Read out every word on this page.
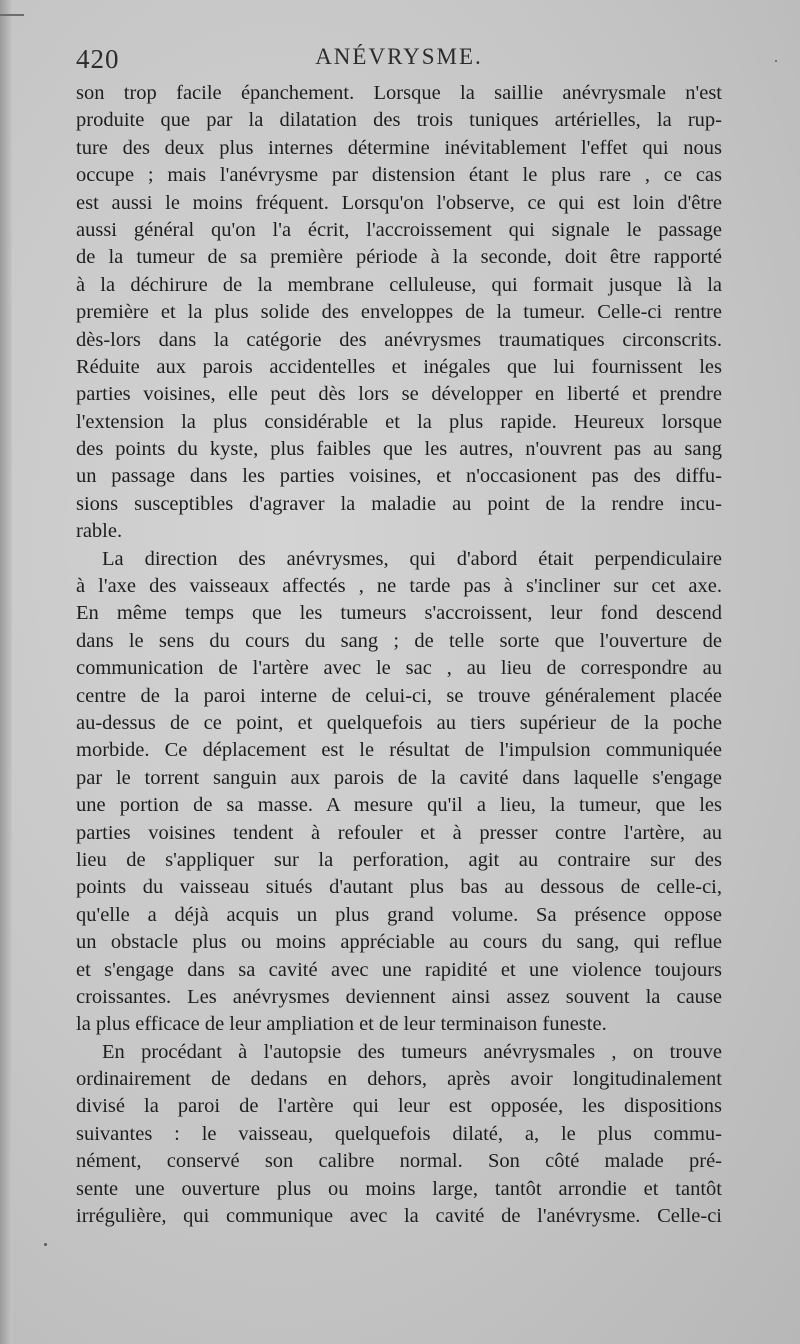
420	ANÉVRYSME.
son trop facile épanchement. Lorsque la saillie anévrysmale n'est
produite que par la dilatation des trois tuniques artérielles, la rup-
ture des deux plus internes détermine inévitablement l'effet qui nous
occupe ; mais l'anévrysme par distension étant le plus rare , ce cas
est aussi le moins fréquent. Lorsqu'on l'observe, ce qui est loin d'être
aussi général qu'on l'a écrit, l'accroissement qui signale le passage
de la tumeur de sa première période à la seconde, doit être rapporté
à la déchirure de la membrane celluleuse, qui formait jusque là la
première et la plus solide des enveloppes de la tumeur. Celle-ci rentre
dès-lors dans la catégorie des anévrysmes traumatiques circonscrits.
Réduite aux parois accidentelles et inégales que lui fournissent les
parties voisines, elle peut dès lors se développer en liberté et prendre
l'extension la plus considérable et la plus rapide. Heureux lorsque
des points du kyste, plus faibles que les autres, n'ouvrent pas au sang
un passage dans les parties voisines, et n'occasionent pas des diffu-
sions susceptibles d'agraver la maladie au point de la rendre incu-
rable.
La direction des anévrysmes, qui d'abord était perpendiculaire
à l'axe des vaisseaux affectés , ne tarde pas à s'incliner sur cet axe.
En même temps que les tumeurs s'accroissent, leur fond descend
dans le sens du cours du sang ; de telle sorte que l'ouverture de
communication de l'artère avec le sac , au lieu de correspondre au
centre de la paroi interne de celui-ci, se trouve généralement placée
au-dessus de ce point, et quelquefois au tiers supérieur de la poche
morbide. Ce déplacement est le résultat de l'impulsion communiquée
par le torrent sanguin aux parois de la cavité dans laquelle s'engage
une portion de sa masse. A mesure qu'il a lieu, la tumeur, que les
parties voisines tendent à refouler et à presser contre l'artère, au
lieu de s'appliquer sur la perforation, agit au contraire sur des
points du vaisseau situés d'autant plus bas au dessous de celle-ci,
qu'elle a déjà acquis un plus grand volume. Sa présence oppose
un obstacle plus ou moins appréciable au cours du sang, qui reflue
et s'engage dans sa cavité avec une rapidité et une violence toujours
croissantes. Les anévrysmes deviennent ainsi assez souvent la cause
la plus efficace de leur ampliation et de leur terminaison funeste.
En procédant à l'autopsie des tumeurs anévrysmales , on trouve
ordinairement de dedans en dehors, après avoir longitudinalement
divisé la paroi de l'artère qui leur est opposée, les dispositions
suivantes : le vaisseau, quelquefois dilaté, a, le plus commu-
nément, conservé son calibre normal. Son côté malade pré-
sente une ouverture plus ou moins large, tantôt arrondie et tantôt
irrégulière, qui communique avec la cavité de l'anévrysme. Celle-ci
